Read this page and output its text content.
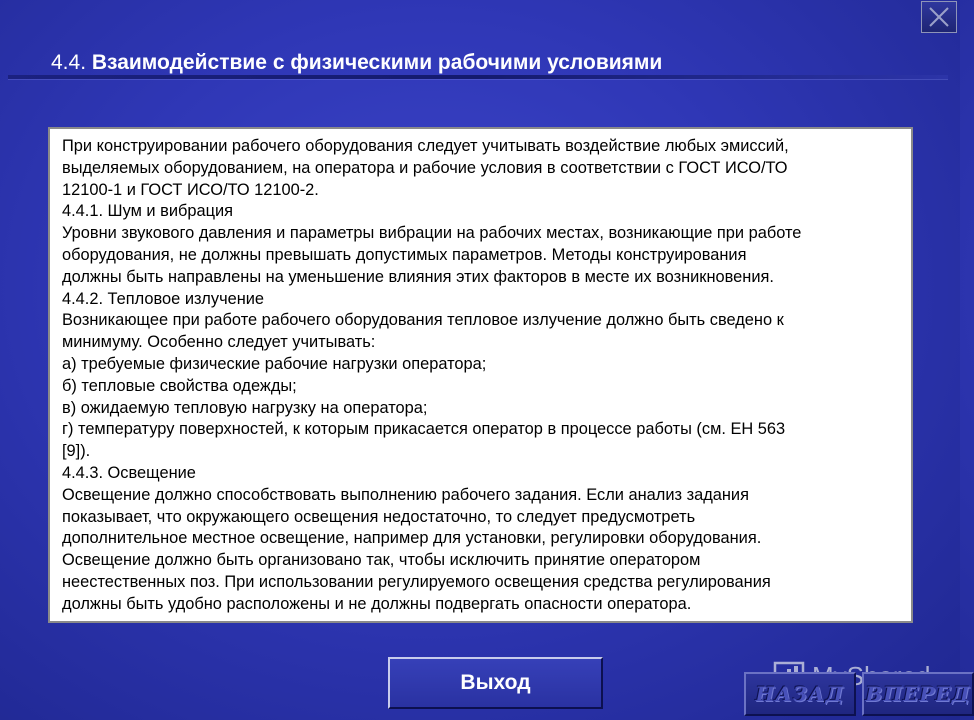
4.4. Взаимодействие с физическими рабочими условиями
При конструировании рабочего оборудования следует учитывать воздействие любых эмиссий,
выделяемых оборудованием, на оператора и рабочие условия в соответствии с ГОСТ ИСО/ТО
12100-1 и ГОСТ ИСО/ТО 12100-2.
4.4.1. Шум и вибрация
Уровни звукового давления и параметры вибрации на рабочих местах, возникающие при работе
оборудования, не должны превышать допустимых параметров. Методы конструирования
должны быть направлены на уменьшение влияния этих факторов в месте их возникновения.
4.4.2. Тепловое излучение
Возникающее при работе рабочего оборудования тепловое излучение должно быть сведено к
минимуму. Особенно следует учитывать:
а) требуемые физические рабочие нагрузки оператора;
б) тепловые свойства одежды;
в) ожидаемую тепловую нагрузку на оператора;
г) температуру поверхностей, к которым прикасается оператор в процессе работы (см. ЕН 563
[9]).
4.4.3. Освещение
Освещение должно способствовать выполнению рабочего задания. Если анализ задания
показывает, что окружающего освещения недостаточно, то следует предусмотреть
дополнительное местное освещение, например для установки, регулировки оборудования.
Освещение должно быть организовано так, чтобы исключить принятие оператором
неестественных поз. При использовании регулируемого освещения средства регулирования
должны быть удобно расположены и не должны подвергать опасности оператора.
Выход	НАЗАД	ВПЕРЕД
